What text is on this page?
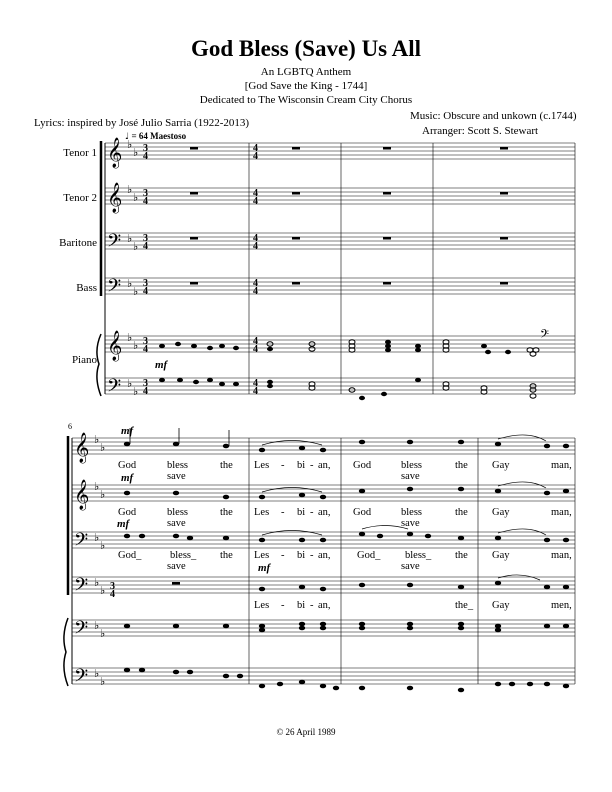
God Bless (Save) Us All
An LGBTQ Anthem
[God Save the King - 1744]
Dedicated to The Wisconsin Cream City Chorus
Lyrics: inspired by José Julio Sarria (1922-2013)
Music: Obscure and unkown (c.1744)
Arranger: Scott S. Stewart
♩ = 64 Maestoso
Tenor 1
Tenor 2
Baritone
Bass
Piano
𝄞
𝄞
𝄢
𝄢
𝄞
𝄢
♭
♭
♭
♭
♭
♭
♭
♭
♭
♭
♭
♭
3
4
3
4
3
4
3
4
3
4
3
4
4
4
4
4
4
4
4
4
4
4
4
4
mf
𝄢
𝄞
𝄞
𝄢
𝄢
𝄢
𝄢
♭
♭
♭
♭
♭
♭
♭
♭
♭
♭
♭
♭
3
4
6	mf
mf
mf
mf
God	bless	the Les - bi - an, God	bless	the Gay	man,
save	save
God	bless	the Les - bi - an, God	bless	the Gay	man,
save	save
God_	bless_ the Les - bi - an,	God_ bless_ the Gay	man,
save	save
Les - bi - an,	the_ Gay	men,
© 26 April 1989
